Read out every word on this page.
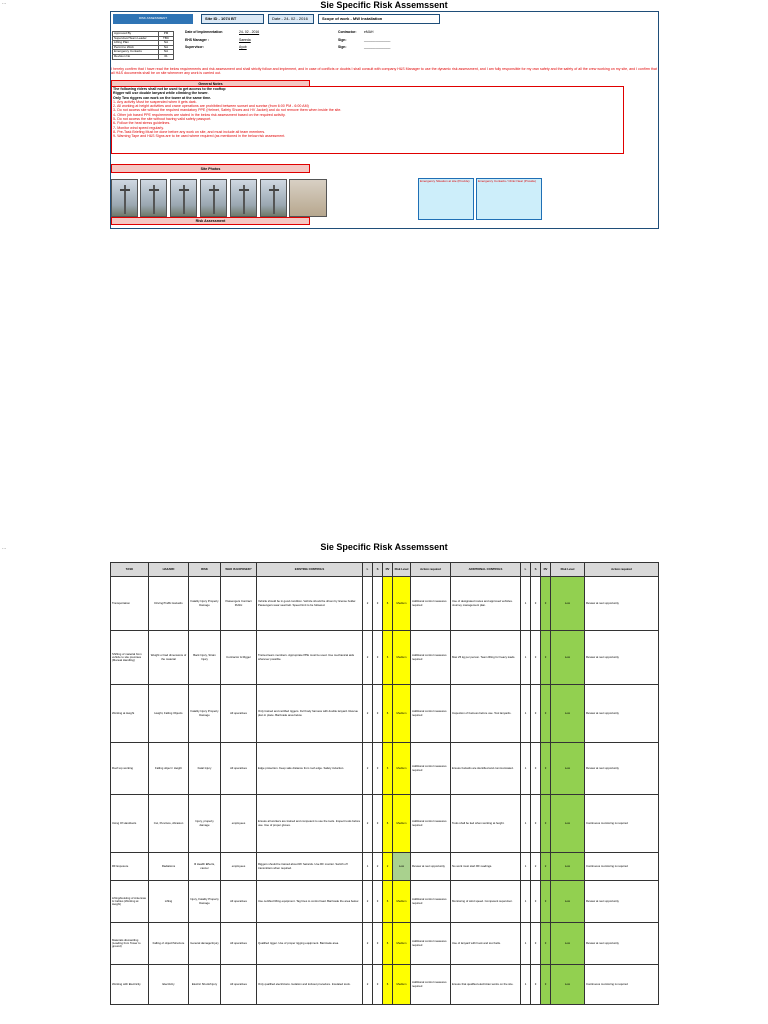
...	Sie Specific Risk Assemssent
RISK ASSESSMENT	Site ID - 1074 BT	Date - 24- 02 - 2016	Scope of work - MW Installation
Approved By	PM
Supervisor/Team Leader	TBC
Lifting Plan	NA
Permit to Work	NA
Emergency Contacts	NA
Revision No	01
Date of Implementation	24- 02 - 2016
EHS Manager :	Saeeda
Supervisor:	Ayub
Contractor:	eMAH
Sign:	______________
Sign:	______________
I hereby confirm that I have read the below requirements and risk assessment and shall strictly follow and implement, and in case of conflicts or doubts I shall consult with company H&S Manager to use the dynamic risk assessment, and I am fully responsible for my own safety and the safety of all the crew working on my site, and I confirm that all H&S documents shall be on site whenever any work is carried out.
General Notes
The following riders shall not be used to get access to the rooftop
Rigger will use double lanyard while climbing the tower.
Only Two riggers can work on the tower at the same time.
1- Any activity Must be suspended when it gets dark.
2- All working at height activities and crane operations are prohibited between sunset and sunrise (from 6:00 PM - 6:00 AM)
3- Do not access site without the required mandatory PPE (Helmet, Safety Shoes and HV Jacket) and do not remove them when inside the site.
4- Other job based PPE requirements are stated in the below risk assessment based on the required activity.
5- Do not access the site without having valid safety passport.
6- Follow the heat stress guidelines.
7- Monitor wind speed regularly.
8- Pre-Task Briefing Must be done before any work on site, and must include all team members.
9- Warning Tape and H&S Signs are to be used where required (as mentioned in the below risk assessment.
Site Photos
Emergency Situation at site (Provide)	Emergency Contacts / Clinic Near (Provide)
Risk Assessment
...	Sie Specific Risk Assemssent
TASK	HAZARD	RISK	WHO IS EXPOSED?	EXISTING CONTROLS	L	S	RV	Risk Level	Action required	ADDITIONAL CONTROLS	L	S	RV	Risk Level	Action required
Transportation	Driving/Traffic Hazards	Fatality Injury Property Damage	Passengers Contract Public	Vehicle should be in good condition. Vehicle should be driven by license holder. Passengers wear seat belt. Speed limit to be followed.	2	3	6	Medium	Additional control measures required	Use of designated routes and approved vehicles. Journey management plan.	1	3	3	Low	Review at next opportunity
Shifting of material from vehicle to site premises (Manual Handling)	Weight or bad dimensions of the material	Back Injury, Strain Injury	Contractor & Rigger	Trained team members. Appropriate PPE must be used. Use mechanical aids wherever possible.	2	3	6	Medium	Additional control measures required	Max 25 kg per person. Team lifting for heavy loads.	1	3	3	Low	Review at next opportunity
Working at Height	Height, Falling Objects	Fatality Injury Property Damage	All operatives	Only trained and certified riggers. Full body harness with double lanyard. Rescue plan in place. Barricade area below.	2	3	6	Medium	Additional control measures required	Inspection of harness before use. Tool lanyards.	1	3	3	Low	Review at next opportunity
Roof top working	Falling object / Height	Fatal Injury	All operatives	Edge protection. Keep safe distance from roof edge. Safety induction.	2	3	6	Medium	Additional control measures required	Ensure hazards are identified and communicated.	1	3	3	Low	Review at next opportunity
Using Of Handtools	Cut, Puncture, Abrasion	Injury, property damage	employees	Ensure all workers are trained and competent to use the tools. Inspect tools before use. Use of proper gloves.	2	3	6	Medium	Additional control measures required	Tools shall be tied when working at height.	1	3	3	Low	Continuous monitoring is required
RF Exposure	Radiations	Ill Health Effects, cancer	employees	Riggers should be trained about RF hazards. Use RF monitor. Switch off transmitters when required.	1	2	2	Low	Review at next opportunity	No work must start RF readings.	1	2	2	Low	Continuous monitoring is required
Lifting/Hoisting of Antennas & Cables (Working at Height)	Lifting	Injury, Fatality Property Damage	All operatives	Use certified lifting equipment. Tag lines to control load. Barricade the area below.	2	3	6	Medium	Additional control measures required	Monitoring of wind speed. Competent supervisor.	1	3	3	Low	Review at next opportunity
Materials dismantling (Loading from Tower to ground)	Falling of object/Structure	General damage/Injury	All operatives	Qualified rigger. Use of proper rigging equipment. Barricade area.	2	3	6	Medium	Additional control measures required	Use of lanyard with hook and tool belts.	1	3	3	Low	Review at next opportunity
Working with Electricity	Electricity	Electric Shock/Injury	All operatives	Only qualified electricians. Isolation and lockout procedure. Insulated tools.	2	3	6	Medium	Additional control measures required	Ensure that qualified electrician works on the site.	1	3	3	Low	Continuous monitoring is required
